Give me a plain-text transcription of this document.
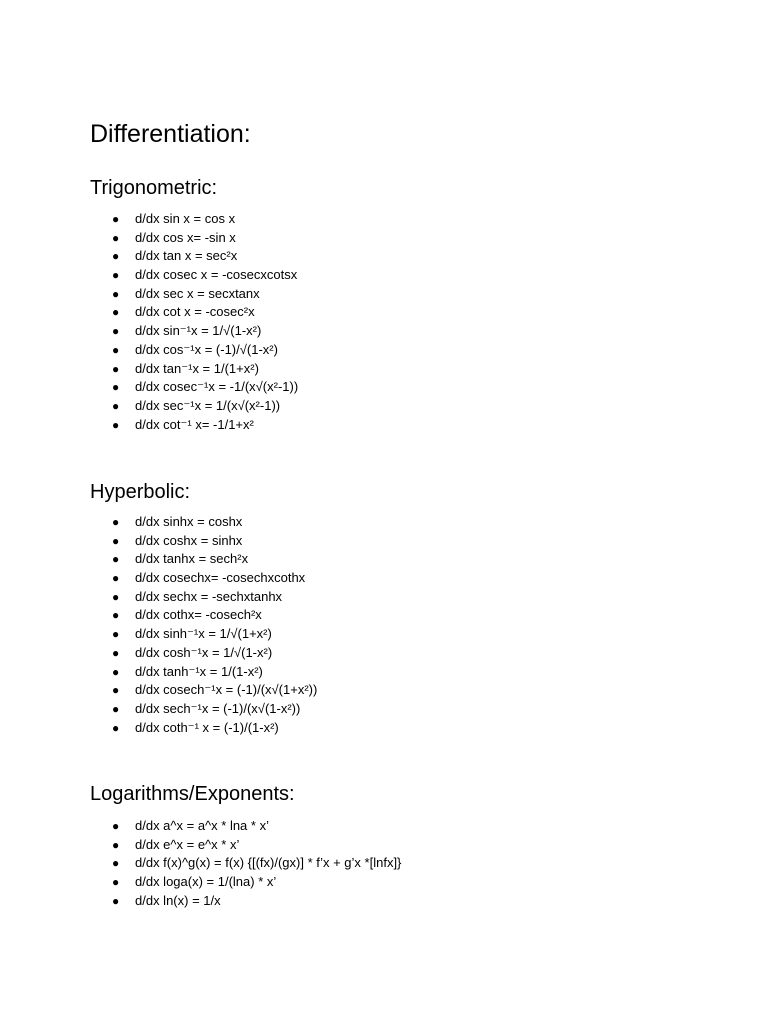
Differentiation:
Trigonometric:
● d/dx sin x = cos x
● d/dx cos x= -sin x
● d/dx tan x = sec²x
● d/dx cosec x = -cosecxcotsx
● d/dx sec x = secxtanx
● d/dx cot x = -cosec²x
● d/dx sin⁻¹x = 1/√(1-x²)
● d/dx cos⁻¹x = (-1)/√(1-x²)
● d/dx tan⁻¹x = 1/(1+x²)
● d/dx cosec⁻¹x = -1/(x√(x²-1))
● d/dx sec⁻¹x = 1/(x√(x²-1))
● d/dx cot⁻¹ x= -1/1+x²
Hyperbolic:
● d/dx sinhx = coshx
● d/dx coshx = sinhx
● d/dx tanhx = sech²x
● d/dx cosechx= -cosechxcothx
● d/dx sechx = -sechxtanhx
● d/dx cothx= -cosech²x
● d/dx sinh⁻¹x = 1/√(1+x²)
● d/dx cosh⁻¹x = 1/√(1-x²)
● d/dx tanh⁻¹x = 1/(1-x²)
● d/dx cosech⁻¹x = (-1)/(x√(1+x²))
● d/dx sech⁻¹x = (-1)/(x√(1-x²))
● d/dx coth⁻¹ x = (-1)/(1-x²)
Logarithms/Exponents:
● d/dx a^x = a^x * lna * x’
● d/dx e^x = e^x * x’
● d/dx f(x)^g(x) = f(x) {[(fx)/(gx)] * f’x + g’x *[lnfx]}
● d/dx loga(x) = 1/(lna) * x’
● d/dx ln(x) = 1/x
